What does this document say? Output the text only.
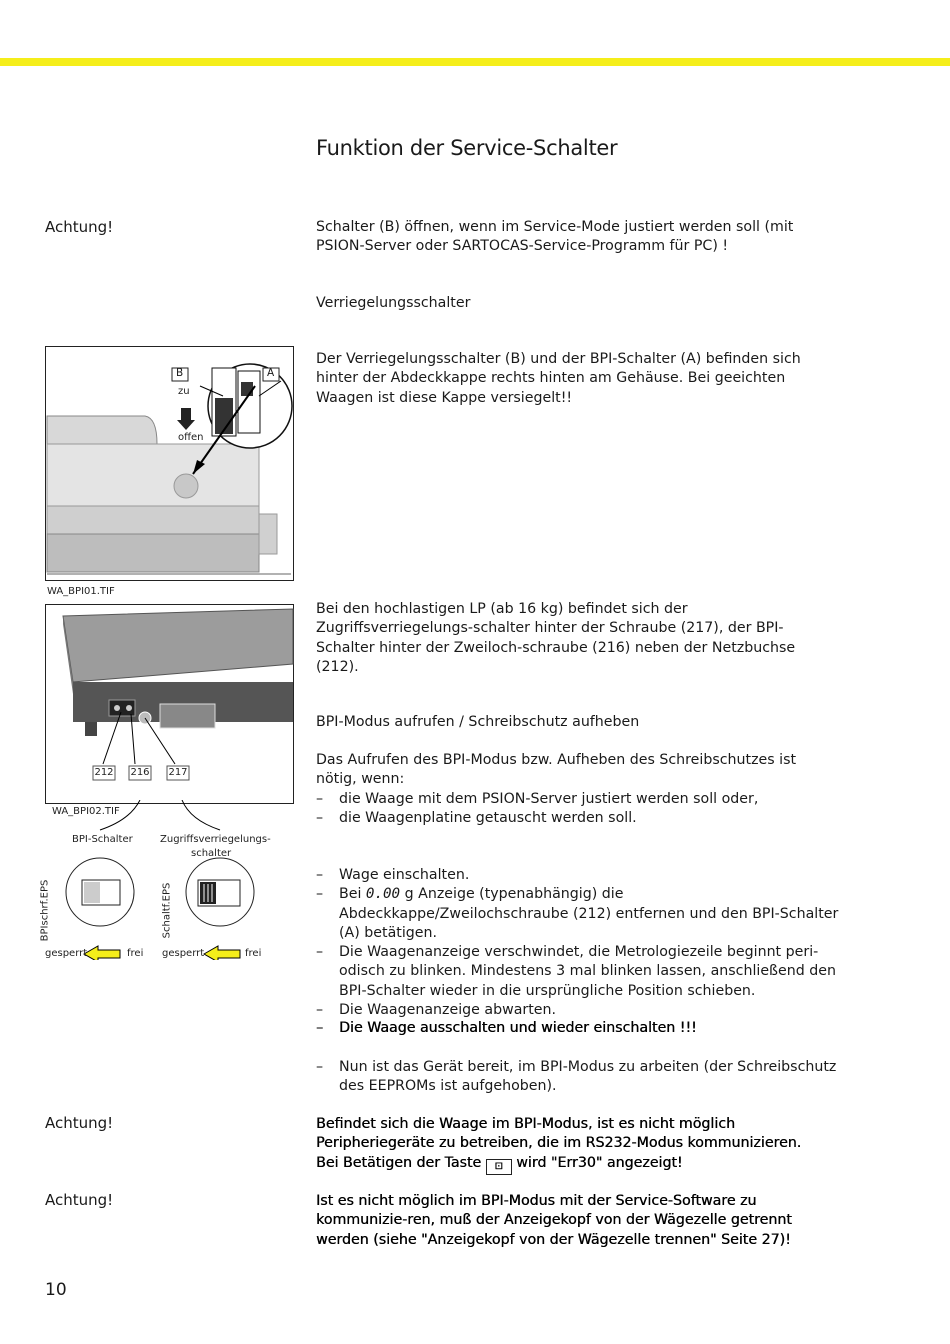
Funktion der Service-Schalter
Achtung!	Schalter (B) öffnen, wenn im Service-Mode justiert werden soll (mit PSION-Server oder SARTOCAS-Service-Programm für PC) !
Verriegelungsschalter
Der Verriegelungsschalter (B) und der BPI-Schalter (A) befinden sich hinter der Abdeckkappe rechts hinten am Gehäuse. Bei geeichten Waagen ist diese Kappe versiegelt!!
B	A
zu
offen
WA_BPI01.TIF
212 216 217
WA_BPI02.TIF
BPI-Schalter	Zugriffsverriegelungs-
schalter
BPIschrf.EPS	Schaltf.EPS
gesperrt	frei gesperrt	frei
Bei den hochlastigen LP (ab 16 kg) befindet sich der Zugriffsverriegelungs-schalter hinter der Schraube (217), der BPI-Schalter hinter der Zweiloch-schraube (216) neben der Netzbuchse (212).
BPI-Modus aufrufen / Schreibschutz aufheben
Das Aufrufen des BPI-Modus bzw. Aufheben des Schreibschutzes ist nötig, wenn:
– die Waage mit dem PSION-Server justiert werden soll oder,
– die Waagenplatine getauscht werden soll.
– Wage einschalten.
– Bei 0.00 g Anzeige (typenabhängig) die Abdeckkappe/Zweilochschraube (212) entfernen und den BPI-Schalter (A) betätigen.
– Die Waagenanzeige verschwindet, die Metrologiezeile beginnt peri-odisch zu blinken. Mindestens 3 mal blinken lassen, anschließend den BPI-Schalter wieder in die ursprüngliche Position schieben.
– Die Waagenanzeige abwarten.
– Die Waage ausschalten und wieder einschalten !!!
– Nun ist das Gerät bereit, im BPI-Modus zu arbeiten (der Schreibschutz des EEPROMs ist aufgehoben).
Achtung!	Befindet sich die Waage im BPI-Modus, ist es nicht möglich Peripheriegeräte zu betreiben, die im RS232-Modus kommunizieren.
Bei Betätigen der Taste ⊡ wird "Err30" angezeigt!
Achtung!	Ist es nicht möglich im BPI-Modus mit der Service-Software zu kommunizie-ren, muß der Anzeigekopf von der Wägezelle getrennt werden (siehe "Anzeigekopf von der Wägezelle trennen" Seite 27)!
10
